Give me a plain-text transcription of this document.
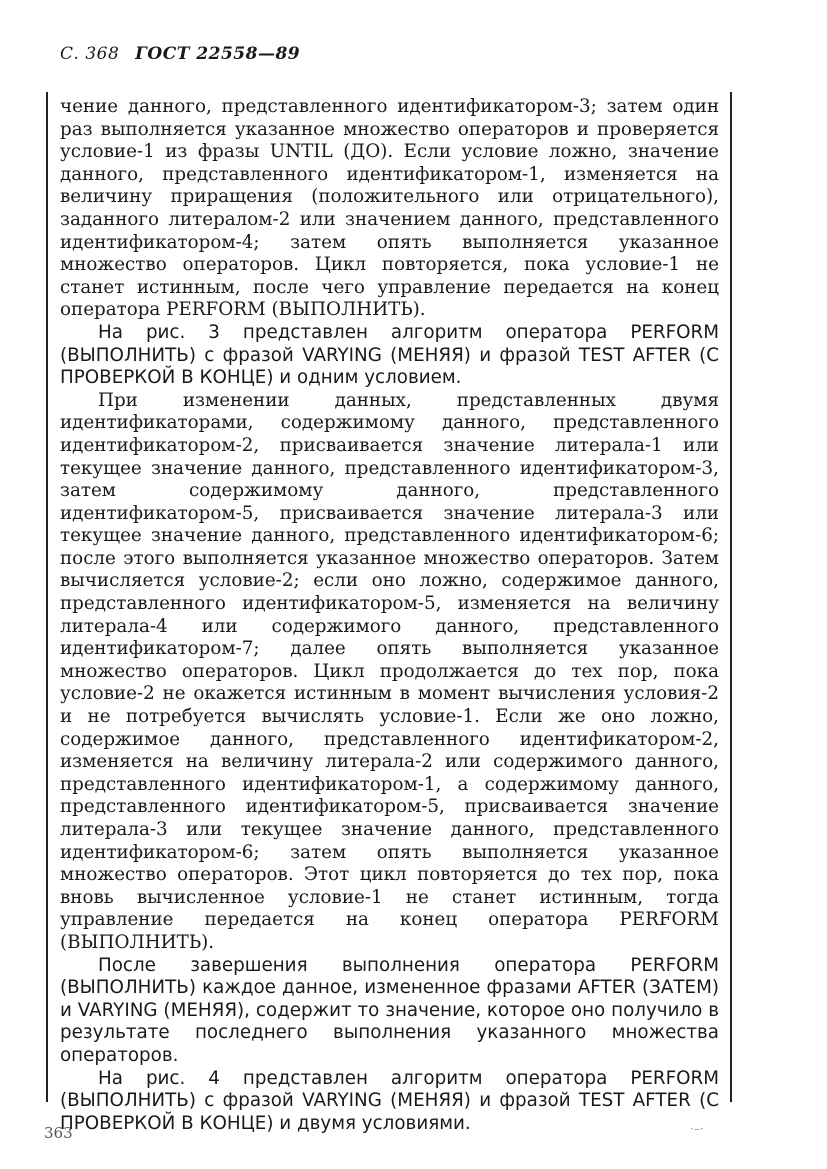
С. 368 ГОСТ 22558—89

чение данного, представленного идентификатором-3; затем один раз выполняется указанное множество операторов и проверяется условие-1 из фразы UNTIL (ДО). Если условие ложно, значение данного, представленного идентификатором-1, изменяется на величину приращения (положительного или отрицательного), заданного литералом-2 или значением данного, представленного идентификатором-4; затем опять выполняется указанное множество операторов. Цикл повторяется, пока условие-1 не станет истинным, после чего управление передается на конец оператора PERFORM (ВЫПОЛНИТЬ).

На рис. 3 представлен алгоритм оператора PERFORM (ВЫПОЛНИТЬ) с фразой VARYING (МЕНЯЯ) и фразой TEST AFTER (С ПРОВЕРКОЙ В КОНЦЕ) и одним условием.

При изменении данных, представленных двумя идентификаторами, содержимому данного, представленного идентификатором-2, присваивается значение литерала-1 или текущее значение данного, представленного идентификатором-3, затем содержимому данного, представленного идентификатором-5, присваивается значение литерала-3 или текущее значение данного, представленного идентификатором-6; после этого выполняется указанное множество операторов. Затем вычисляется условие-2; если оно ложно, содержимое данного, представленного идентификатором-5, изменяется на величину литерала-4 или содержимого данного, представленного идентификатором-7; далее опять выполняется указанное множество операторов. Цикл продолжается до тех пор, пока условие-2 не окажется истинным в момент вычисления условия-2 и не потребуется вычислять условие-1. Если же оно ложно, содержимое данного, представленного идентификатором-2, изменяется на величину литерала-2 или содержимого данного, представленного идентификатором-1, а содержимому данного, представленного идентификатором-5, присваивается значение литерала-3 или текущее значение данного, представленного идентификатором-6; затем опять выполняется указанное множество операторов. Этот цикл повторяется до тех пор, пока вновь вычисленное условие-1 не станет истинным, тогда управление передается на конец оператора PERFORM (ВЫПОЛНИТЬ).

После завершения выполнения оператора PERFORM (ВЫПОЛНИТЬ) каждое данное, измененное фразами AFTER (ЗАТЕМ) и VARYING (МЕНЯЯ), содержит то значение, которое оно получило в результате последнего выполнения указанного множества операторов.

На рис. 4 представлен алгоритм оператора PERFORM (ВЫПОЛНИТЬ) с фразой VARYING (МЕНЯЯ) и фразой TEST AFTER (С ПРОВЕРКОЙ В КОНЦЕ) и двумя условиями.

363	·–·
